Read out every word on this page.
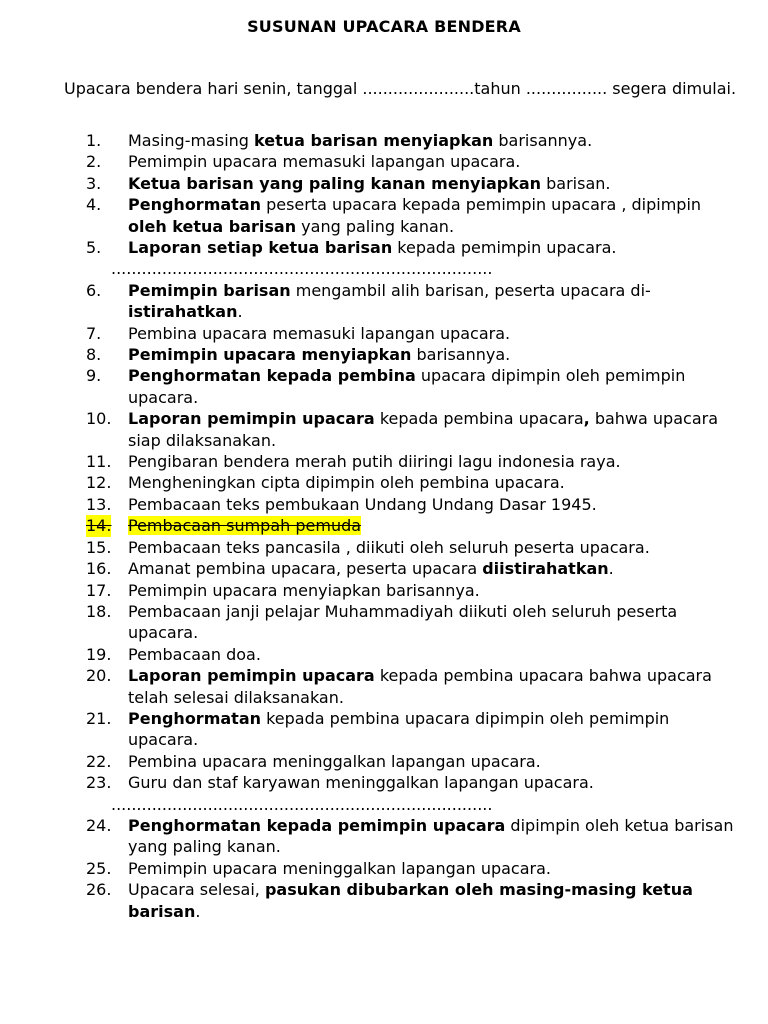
SUSUNAN UPACARA BENDERA
Upacara bendera hari senin, tanggal ......................tahun ................ segera dimulai.
1. Masing-masing ketua barisan menyiapkan barisannya.
2. Pemimpin upacara memasuki lapangan upacara.
3. Ketua barisan yang paling kanan menyiapkan barisan.
4. Penghormatan peserta upacara kepada pemimpin upacara , dipimpin oleh ketua barisan yang paling kanan.
5. Laporan setiap ketua barisan kepada pemimpin upacara.
...........................................................................
6. Pemimpin barisan mengambil alih barisan, peserta upacara di-istirahatkan.
7. Pembina upacara memasuki lapangan upacara.
8. Pemimpin upacara menyiapkan barisannya.
9. Penghormatan kepada pembina upacara dipimpin oleh pemimpin upacara.
10. Laporan pemimpin upacara kepada pembina upacara, bahwa upacara siap dilaksanakan.
11. Pengibaran bendera merah putih diiringi lagu indonesia raya.
12. Mengheningkan cipta dipimpin oleh pembina upacara.
13. Pembacaan teks pembukaan Undang Undang Dasar 1945.
14. Pembacaan sumpah pemuda
15. Pembacaan teks pancasila , diikuti oleh seluruh peserta upacara.
16. Amanat pembina upacara, peserta upacara diistirahatkan.
17. Pemimpin upacara menyiapkan barisannya.
18. Pembacaan janji pelajar Muhammadiyah diikuti oleh seluruh peserta upacara.
19. Pembacaan doa.
20. Laporan pemimpin upacara kepada pembina upacara bahwa upacara telah selesai dilaksanakan.
21. Penghormatan kepada pembina upacara dipimpin oleh pemimpin upacara.
22. Pembina upacara meninggalkan lapangan upacara.
23. Guru dan staf karyawan meninggalkan lapangan upacara.
...........................................................................
24. Penghormatan kepada pemimpin upacara dipimpin oleh ketua barisan yang paling kanan.
25. Pemimpin upacara meninggalkan lapangan upacara.
26. Upacara selesai, pasukan dibubarkan oleh masing-masing ketua barisan.
